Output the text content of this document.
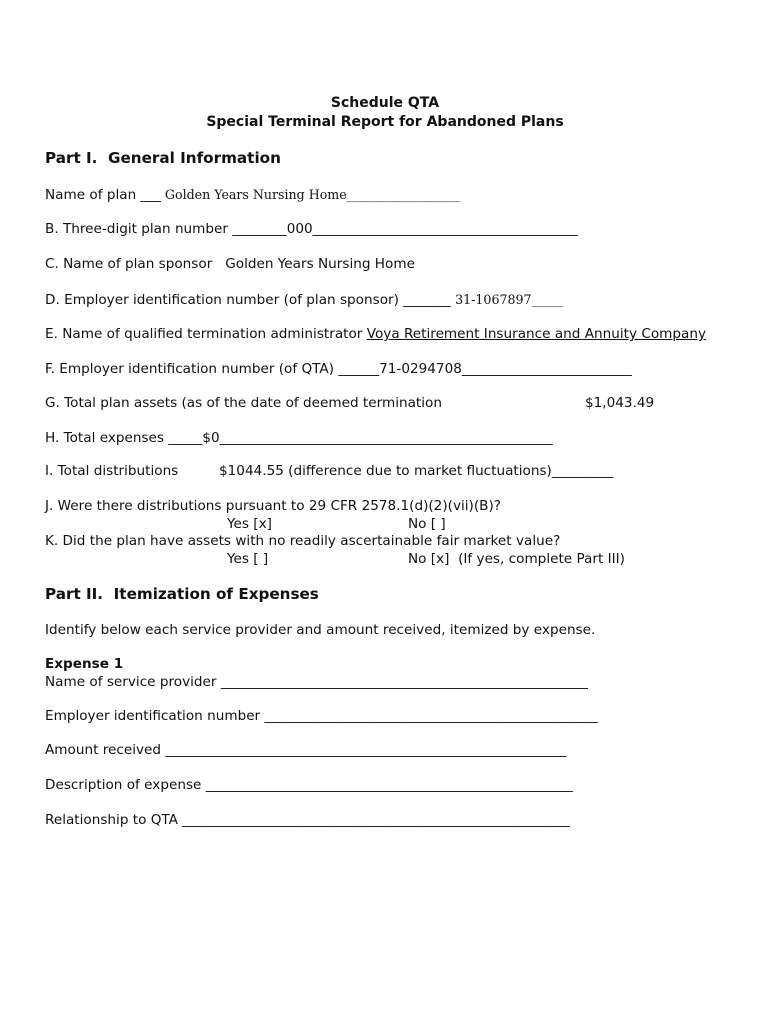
Schedule QTA
Special Terminal Report for Abandoned Plans
Part I.  General Information
Name of plan ___ Golden Years Nursing Home__________________
B. Three-digit plan number ________000_______________________________________
C. Name of plan sponsor   Golden Years Nursing Home
D. Employer identification number (of plan sponsor) _______ 31-1067897_____
E. Name of qualified termination administrator Voya Retirement Insurance and Annuity Company
F. Employer identification number (of QTA) ______71-0294708_________________________
G. Total plan assets (as of the date of deemed termination	$1,043.49
H. Total expenses _____$0_________________________________________________
I. Total distributions	$1044.55 (difference due to market fluctuations)_________
J. Were there distributions pursuant to 29 CFR 2578.1(d)(2)(vii)(B)?
Yes [x]	No [ ]
K. Did the plan have assets with no readily ascertainable fair market value?
Yes [ ]	No [x]  (If yes, complete Part III)
Part II.  Itemization of Expenses
Identify below each service provider and amount received, itemized by expense.
Expense 1
Name of service provider ______________________________________________________
Employer identification number _________________________________________________
Amount received ___________________________________________________________
Description of expense ______________________________________________________
Relationship to QTA _________________________________________________________
